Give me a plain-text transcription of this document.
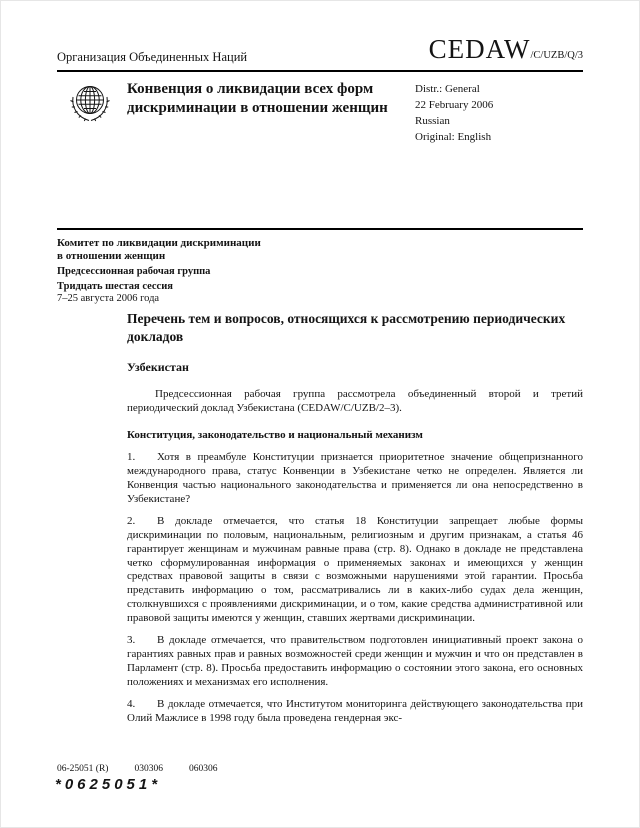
Организация Объединенных Наций	CEDAW/C/UZB/Q/3
Конвенция о ликвидации всех форм дискриминации в отношении женщин
Distr.: General
22 February 2006
Russian
Original: English
Комитет по ликвидации дискриминации
в отношении женщин
Предсессионная рабочая группа
Тридцать шестая сессия
7–25 августа 2006 года
Перечень тем и вопросов, относящихся к рассмотрению периодических докладов
Узбекистан

Предсессионная рабочая группа рассмотрела объединенный второй и третий периодический доклад Узбекистана (CEDAW/C/UZB/2–3).

Конституция, законодательство и национальный механизм

1. Хотя в преамбуле Конституции признается приоритетное значение общепризнанного международного права, статус Конвенции в Узбекистане четко не определен. Является ли Конвенция частью национального законодательства и применяется ли она непосредственно в Узбекистане?

2. В докладе отмечается, что статья 18 Конституции запрещает любые формы дискриминации по половым, национальным, религиозным и другим признакам, а статья 46 гарантирует женщинам и мужчинам равные права (стр. 8). Однако в докладе не представлена четко сформулированная информация о применяемых законах и имеющихся у женщин средствах правовой защиты в связи с возможными нарушениями этой гарантии. Просьба представить информацию о том, рассматривались ли в каких-либо судах дела женщин, столкнувшихся с проявлениями дискриминации, и о том, какие средства административной или правовой защиты имеются у женщин, ставших жертвами дискриминации.

3. В докладе отмечается, что правительством подготовлен инициативный проект закона о гарантиях равных прав и равных возможностей среди женщин и мужчин и что он представлен в Парламент (стр. 8). Просьба предоставить информацию о состоянии этого закона, его основных положениях и механизмах его исполнения.

4. В докладе отмечается, что Институтом мониторинга действующего законодательства при Олий Мажлисе в 1998 году была проведена гендерная экс-

06-25051 (R)	030306	060306
*0625051*
